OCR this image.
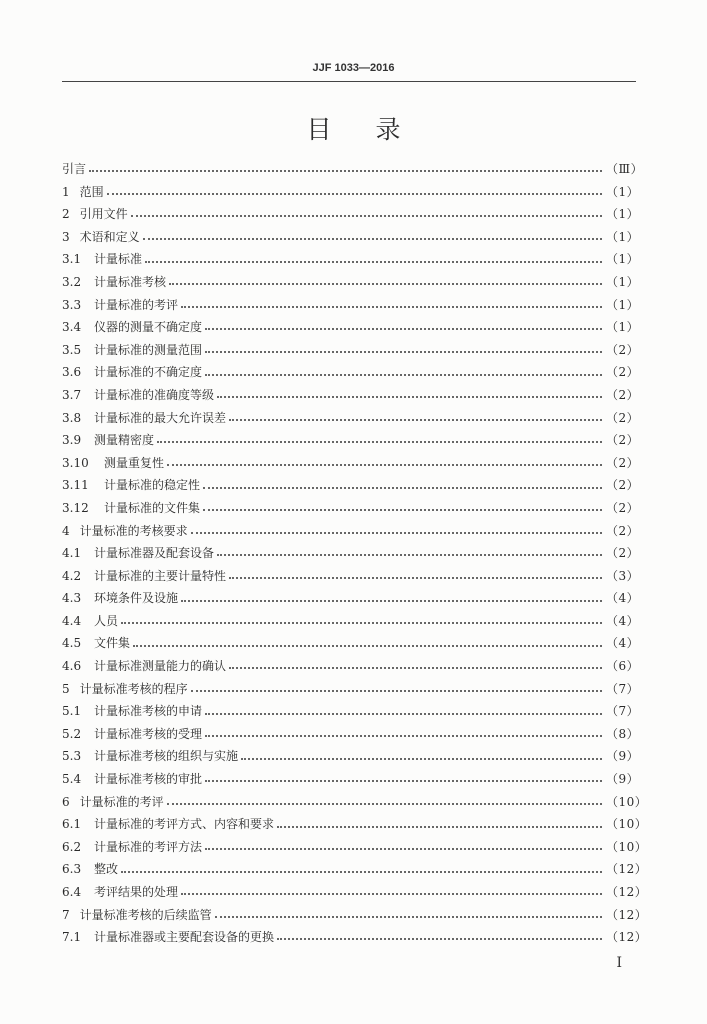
JJF 1033—2016
目录
引言	（Ⅲ）
1 范围	（1）
2 引用文件	（1）
3 术语和定义	（1）
3.1	计量标准	（1）
3.2	计量标准考核	（1）
3.3	计量标准的考评	（1）
3.4	仪器的测量不确定度	（1）
3.5	计量标准的测量范围	（2）
3.6	计量标准的不确定度	（2）
3.7	计量标准的准确度等级	（2）
3.8	计量标准的最大允许误差	（2）
3.9	测量精密度	（2）
3.10	测量重复性	（2）
3.11	计量标准的稳定性	（2）
3.12	计量标准的文件集	（2）
4 计量标准的考核要求	（2）
4.1	计量标准器及配套设备	（2）
4.2	计量标准的主要计量特性	（3）
4.3	环境条件及设施	（4）
4.4	人员	（4）
4.5	文件集	（4）
4.6	计量标准测量能力的确认	（6）
5 计量标准考核的程序	（7）
5.1	计量标准考核的申请	（7）
5.2	计量标准考核的受理	（8）
5.3	计量标准考核的组织与实施	（9）
5.4	计量标准考核的审批	（9）
6 计量标准的考评	（10）
6.1	计量标准的考评方式、内容和要求	（10）
6.2	计量标准的考评方法	（10）
6.3	整改	（12）
6.4	考评结果的处理	（12）
7 计量标准考核的后续监管	（12）
7.1	计量标准器或主要配套设备的更换	（12）
Ⅰ
